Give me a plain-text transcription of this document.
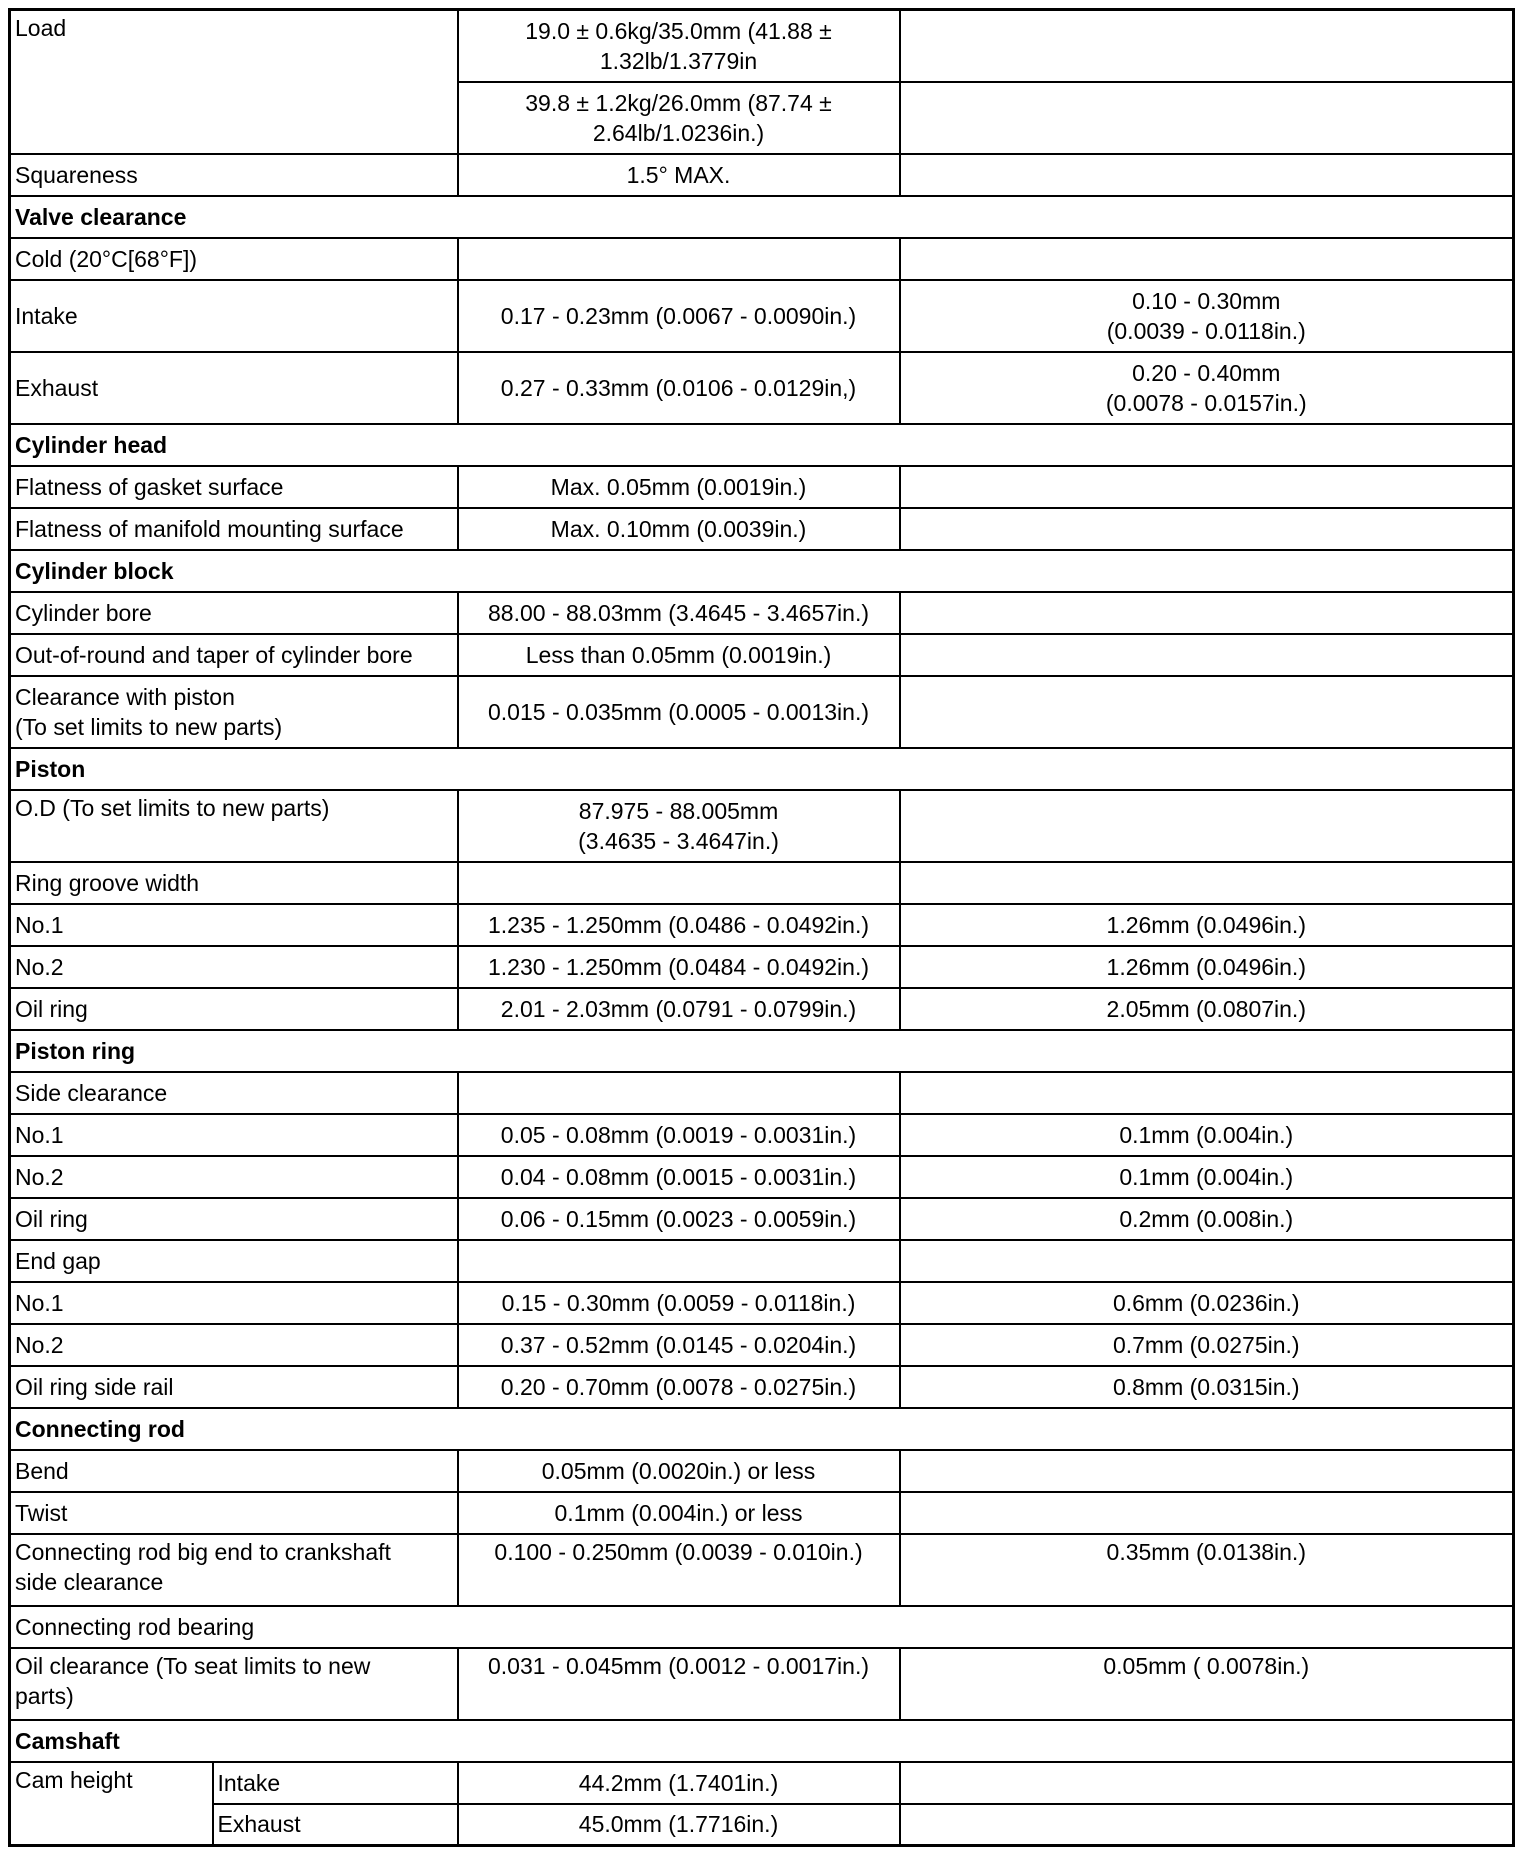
Load		19.0 ± 0.6kg/35.0mm (41.88 ±
1.32lb/1.3779in	

		39.8 ± 1.2kg/26.0mm (87.74 ±
2.64lb/1.0236in.)	

Squareness		1.5° MAX.	
Valve clearance			
Cold (20°C[68°F])			
Intake		0.17 - 0.23mm (0.0067 - 0.0090in.)	0.10 - 0.30mm
(0.0039 - 0.0118in.)

Exhaust		0.27 - 0.33mm (0.0106 - 0.0129in,)	0.20 - 0.40mm
(0.0078 - 0.0157in.)

Cylinder head			
Flatness of gasket surface		Max. 0.05mm (0.0019in.)	
Flatness of manifold mounting surface		Max. 0.10mm (0.0039in.)	
Cylinder block			
Cylinder bore		88.00 - 88.03mm (3.4645 - 3.4657in.)	
Out-of-round and taper of cylinder bore		Less than 0.05mm (0.0019in.)	

Clearance with piston
(To set limits to new parts)		0.015 - 0.035mm (0.0005 - 0.0013in.)	
Piston			
O.D (To set limits to new parts)		87.975 - 88.005mm
(3.4635 - 3.4647in.)	

Ring groove width			
No.1		1.235 - 1.250mm (0.0486 - 0.0492in.)	1.26mm (0.0496in.)
No.2		1.230 - 1.250mm (0.0484 - 0.0492in.)	1.26mm (0.0496in.)
Oil ring		2.01 - 2.03mm (0.0791 - 0.0799in.)	2.05mm (0.0807in.)
Piston ring			
Side clearance			
No.1		0.05 - 0.08mm (0.0019 - 0.0031in.)	0.1mm (0.004in.)
No.2		0.04 - 0.08mm (0.0015 - 0.0031in.)	0.1mm (0.004in.)
Oil ring		0.06 - 0.15mm (0.0023 - 0.0059in.)	0.2mm (0.008in.)
End gap			
No.1		0.15 - 0.30mm (0.0059 - 0.0118in.)	0.6mm (0.0236in.)
No.2		0.37 - 0.52mm (0.0145 - 0.0204in.)	0.7mm (0.0275in.)
Oil ring side rail		0.20 - 0.70mm (0.0078 - 0.0275in.)	0.8mm (0.0315in.)
Connecting rod			
Bend		0.05mm (0.0020in.) or less	
Twist		0.1mm (0.004in.) or less	

Connecting rod big end to crankshaft
side clearance		0.100 - 0.250mm (0.0039 - 0.010in.)	0.35mm (0.0138in.)
Connecting rod bearing			

Oil clearance (To seat limits to new
parts)		0.031 - 0.045mm (0.0012 - 0.0017in.)	0.05mm ( 0.0078in.)
Camshaft			
Cam height	Intake	44.2mm (1.7401in.)	
	Exhaust	45.0mm (1.7716in.)	
